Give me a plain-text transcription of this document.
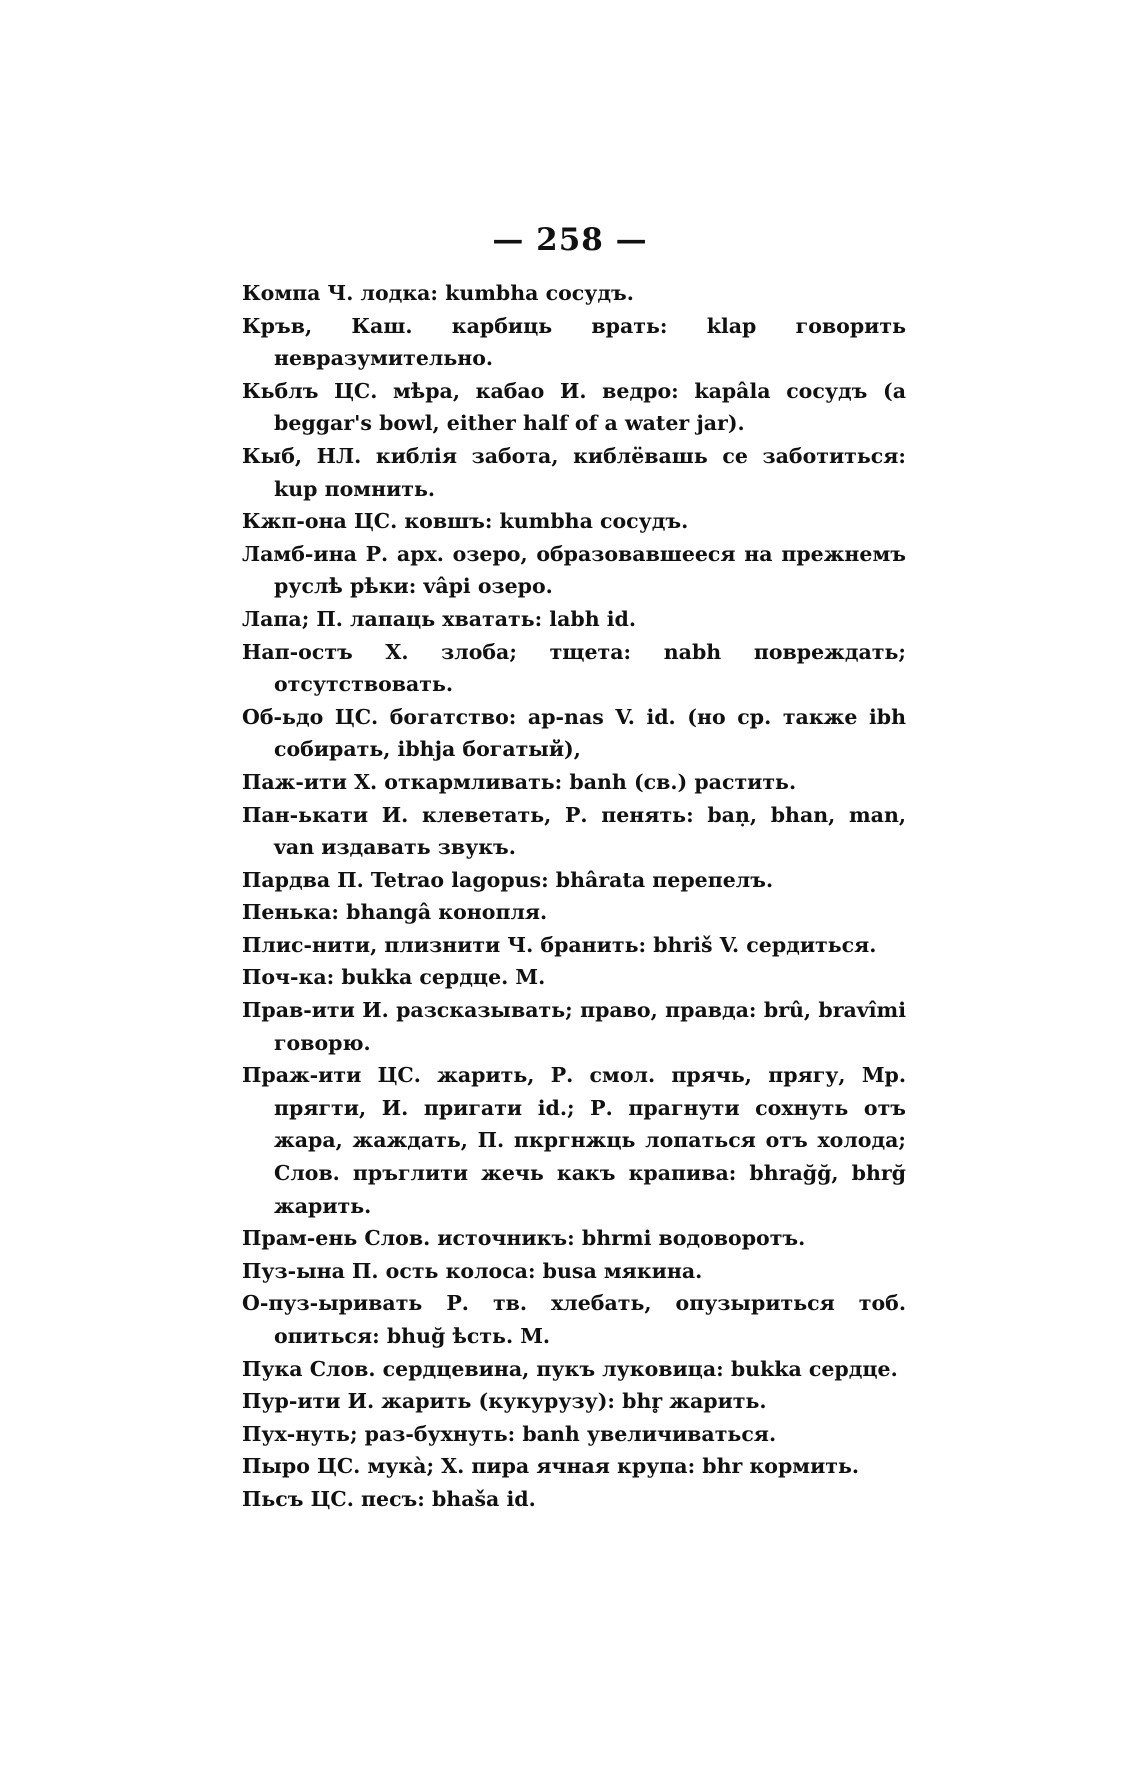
— 258 —

Компа Ч. лодка: kumbha сосудъ.

Кръв, Каш. карбиць врать: klap говорить невразумительно.

Кьблъ ЦС. мѣра, кабао И. ведро: kapâla сосудъ (a beggar's bowl, either half of a water jar).

Кыб, НЛ. киблія забота, киблёвашь се заботиться: kup помнить.

Кжп-она ЦС. ковшъ: kumbha сосудъ.

Ламб-ина Р. арх. озеро, образовавшееся на прежнемъ руслѣ рѣки: vâpi озеро.

Лапа; П. лапаць хватать: labh id.

Нап-остъ Х. злоба; тщета: nabh повреждать; отсутствовать.

Об-ьдо ЦС. богатство: ap-nas V. id. (но ср. также ibh собирать, ibhja богатый),

Паж-ити Х. откармливать: banh (св.) растить.

Пан-ькати И. клеветать, Р. пенять: baṇ, bhan, man, van издавать звукъ.

Пардва П. Tetrao lagopus: bhârata перепелъ.

Пенька: bhangâ конопля.

Плис-нити, плизнити Ч. бранить: bhriš V. сердиться.

Поч-ка: bukka сердце. М.

Прав-ити И. разсказывать; право, правда: brû, bravîmi говорю.

Праж-ити ЦС. жарить, Р. смол. прячь, прягу, Мр. прягти, И. пригати id.; Р. прагнути сохнуть отъ жара, жаждать, П. пкргнжць лопаться отъ холода; Слов. пръглити жечь какъ крапива: bhrağğ, bhrğ жарить.

Прам-ень Слов. источникъ: bhrmi водоворотъ.

Пуз-ына П. ость колоса: busa мякина.

О-пуз-ыривать Р. тв. хлебать, опузыриться тоб. опиться: bhuğ ѣсть. М.

Пука Слов. сердцевина, пукъ луковица: bukka сердце.

Пур-ити И. жарить (кукурузу): bhr̥ жарить.

Пух-нуть; раз-бухнуть: banh увеличиваться.

Пыро ЦС. мукà; Х. пира ячная крупа: bhr кормить.

Пьсъ ЦС. песъ: bhaša id.
